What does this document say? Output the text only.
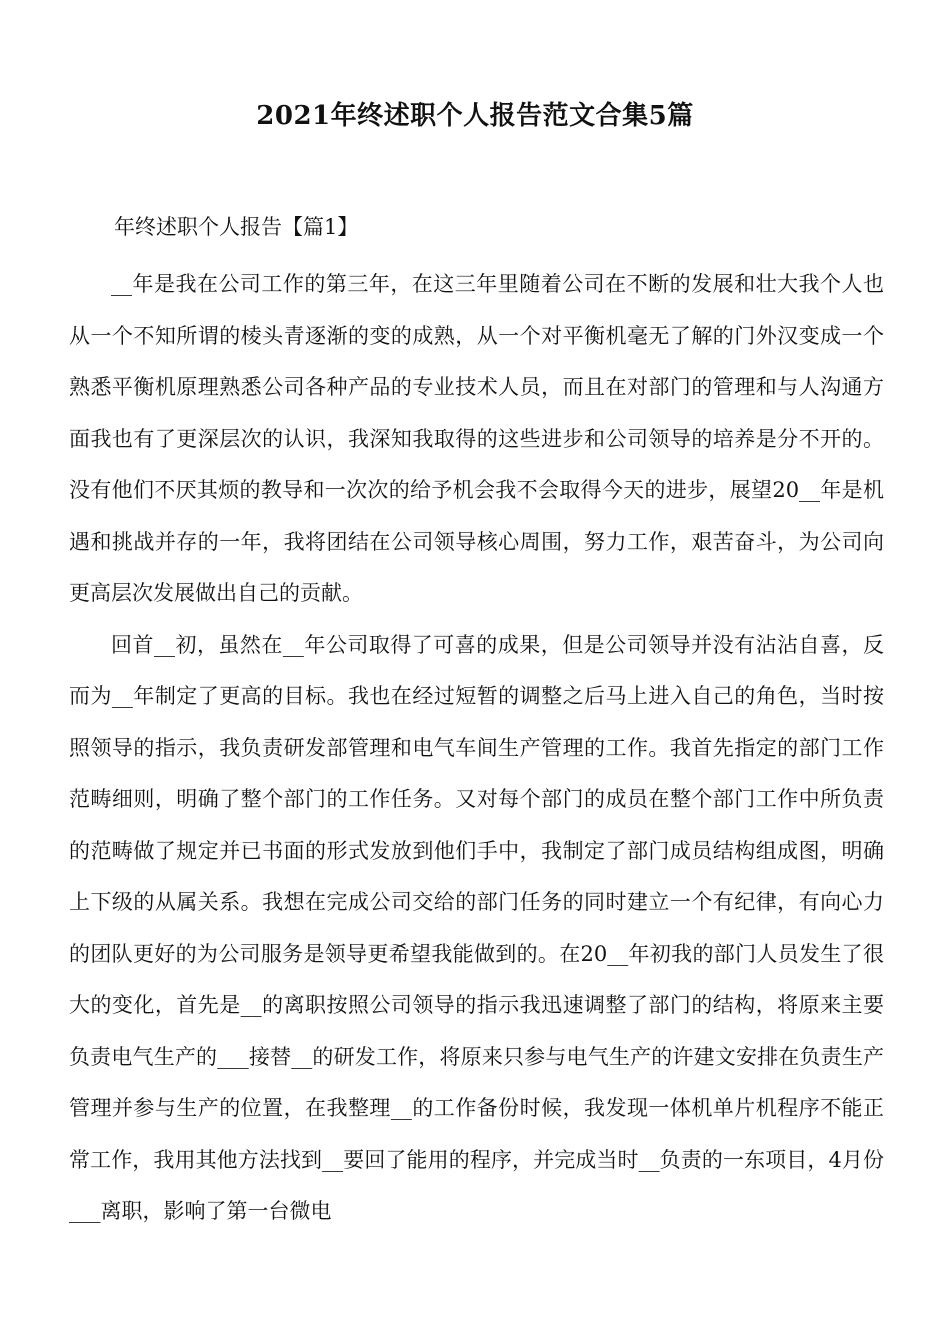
2021年终述职个人报告范文合集5篇
年终述职个人报告【篇1】

__年是我在公司工作的第三年，在这三年里随着公司在不断的发展和壮大我个人也从一个不知所谓的棱头青逐渐的变的成熟，从一个对平衡机毫无了解的门外汉变成一个熟悉平衡机原理熟悉公司各种产品的专业技术人员，而且在对部门的管理和与人沟通方面我也有了更深层次的认识，我深知我取得的这些进步和公司领导的培养是分不开的。没有他们不厌其烦的教导和一次次的给予机会我不会取得今天的进步，展望20__年是机遇和挑战并存的一年，我将团结在公司领导核心周围，努力工作，艰苦奋斗，为公司向更高层次发展做出自己的贡献。

回首__初，虽然在__年公司取得了可喜的成果，但是公司领导并没有沾沾自喜，反而为__年制定了更高的目标。我也在经过短暂的调整之后马上进入自己的角色，当时按照领导的指示，我负责研发部管理和电气车间生产管理的工作。我首先指定的部门工作范畴细则，明确了整个部门的工作任务。又对每个部门的成员在整个部门工作中所负责的范畴做了规定并已书面的形式发放到他们手中，我制定了部门成员结构组成图，明确上下级的从属关系。我想在完成公司交给的部门任务的同时建立一个有纪律，有向心力的团队更好的为公司服务是领导更希望我能做到的。在20__年初我的部门人员发生了很大的变化，首先是__的离职按照公司领导的指示我迅速调整了部门的结构，将原来主要负责电气生产的___接替__的研发工作，将原来只参与电气生产的许建文安排在负责生产管理并参与生产的位置，在我整理__的工作备份时候，我发现一体机单片机程序不能正常工作，我用其他方法找到__要回了能用的程序，并完成当时__负责的一东项目，4月份___离职，影响了第一台微电
